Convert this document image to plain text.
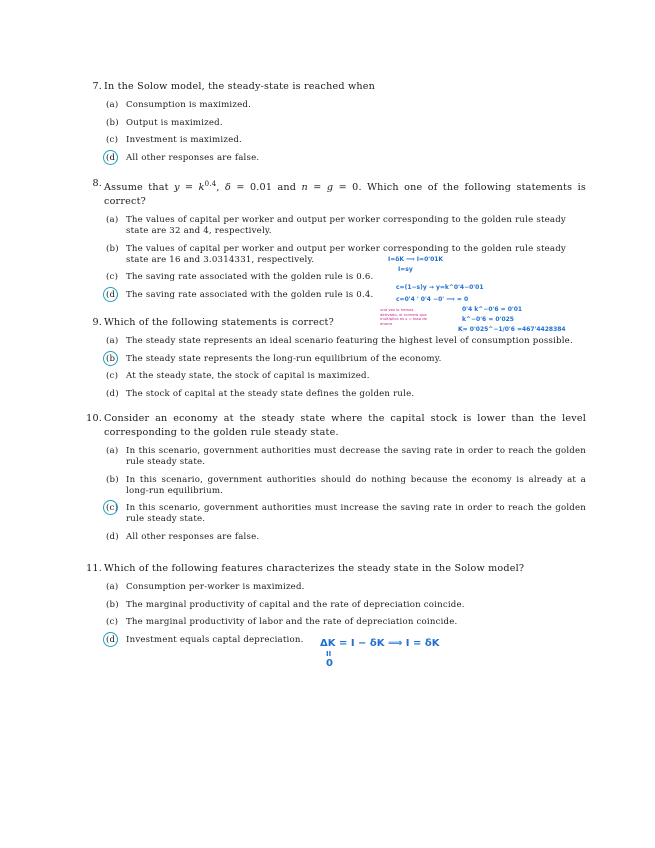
7. In the Solow model, the steady-state is reached when
(a) Consumption is maximized.
(b) Output is maximized.
(c) Investment is maximized.
(d) All other responses are false.
8. Assume that $y = k^{0.4}$, δ = 0.01 and n = g = 0. Which one of the following statements is correct?
(a) The values of capital per worker and output per worker corresponding to the golden rule steady state are 32 and 4, respectively.
(b) The values of capital per worker and output per worker corresponding to the golden rule steady state are 16 and 3.0314331, respectively.
(c) The saving rate associated with the golden rule is 0.6.
(d) The saving rate associated with the golden rule is 0.4.
9. Which of the following statements is correct?
(a) The steady state represents an ideal scenario featuring the highest level of consumption possible.
(b) The steady state represents the long-run equilibrium of the economy.
(c) At the steady state, the stock of capital is maximized.
(d) The stock of capital at the steady state defines the golden rule.
10. Consider an economy at the steady state where the capital stock is lower than the level corresponding to the golden rule steady state.
(a) In this scenario, government authorities must decrease the saving rate in order to reach the golden rule steady state.
(b) In this scenario, government authorities should do nothing because the economy is already at a long-run equilibrium.
(c) In this scenario, government authorities must increase the saving rate in order to reach the golden rule steady state.
(d) All other responses are false.
11. Which of the following features characterizes the steady state in the Solow model?
(a) Consumption per-worker is maximized.
(b) The marginal productivity of capital and the rate of depreciation coincide.
(c) The marginal productivity of labor and the rate of depreciation coincide.
(d) Investment equals captal depreciation.
I=δK ⟹ I=0'01K
I=sy
c=(1−s)y → y=k^0'4−0'01
c=0'4 ' 0'4 −0' ⟹ = 0
una vez lo hemos derivado, el numero que multiplica es s = tasa de ahorro
0'4 k^−0'6 = 0'01
k^−0'6 = 0'025
K= 0'025^−1/0'6 =467'4428384
ΔK = I − δK ⟹ I = δK
II
0
